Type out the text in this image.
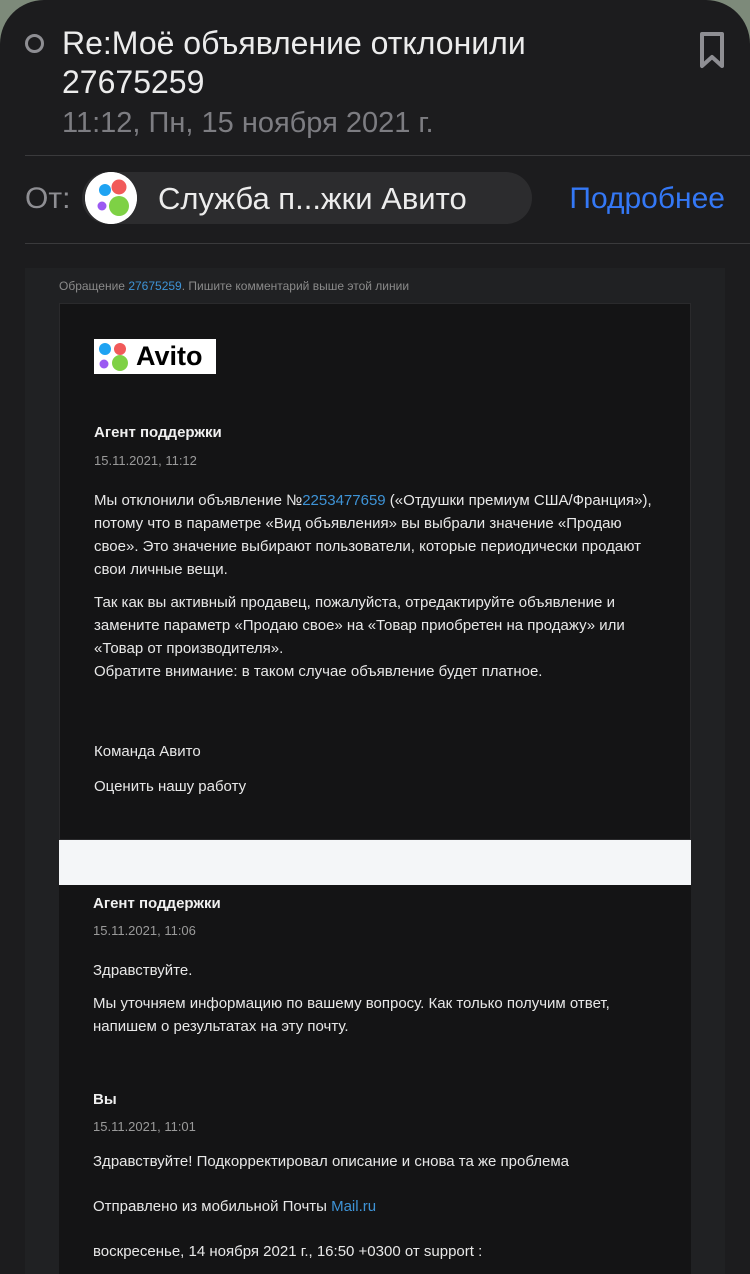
Re:Моё объявление отклонили 27675259
11:12, Пн, 15 ноября 2021 г.
От:	Служба п...жки Авито	Подробнее
Обращение 27675259. Пишите комментарий выше этой линии
Avito
Агент поддержки
15.11.2021, 11:12

Мы отклонили объявление №2253477659 («Отдушки премиум США/Франция»), потому что в параметре «Вид объявления» вы выбрали значение «Продаю свое». Это значение выбирают пользователи, которые периодически продают свои личные вещи.

Так как вы активный продавец, пожалуйста, отредактируйте объявление и замените параметр «Продаю свое» на «Товар приобретен на продажу» или «Товар от производителя».

Обратите внимание: в таком случае объявление будет платное.

Команда Авито
Оценить нашу работу
Агент поддержки
15.11.2021, 11:06

Здравствуйте.

Мы уточняем информацию по вашему вопросу. Как только получим ответ, напишем о результатах на эту почту.

Вы
15.11.2021, 11:01

Здравствуйте! Подкорректировал описание и снова та же проблема

Отправлено из мобильной Почты Mail.ru

воскресенье, 14 ноября 2021 г., 16:50 +0300 от support :
